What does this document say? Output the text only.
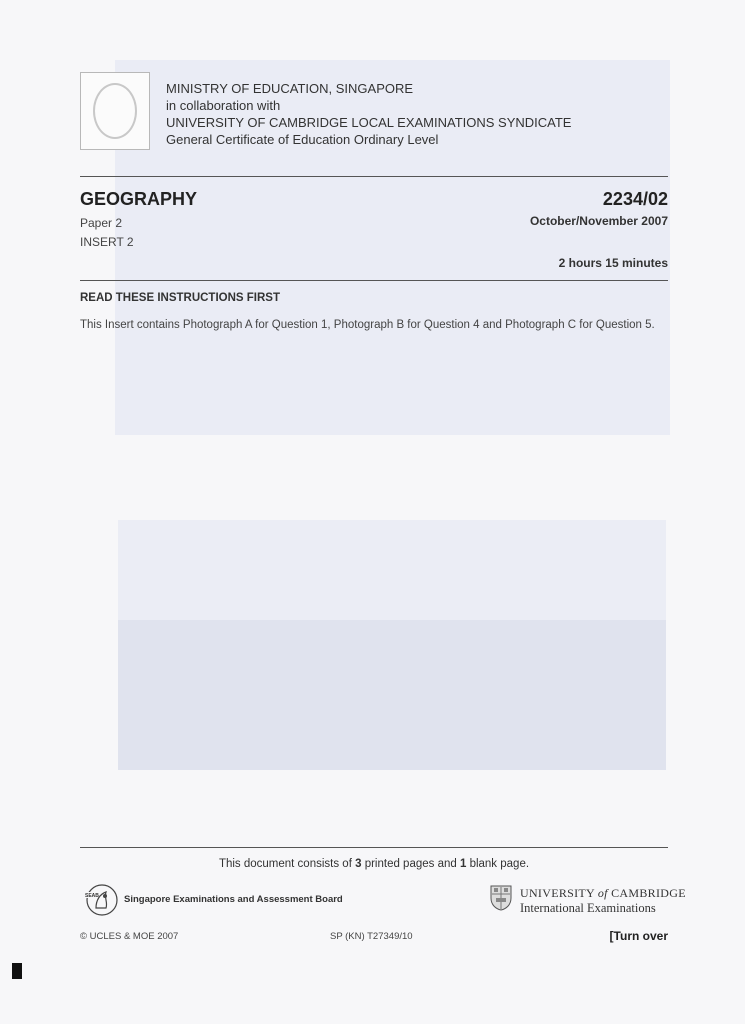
MINISTRY OF EDUCATION, SINGAPORE
in collaboration with
UNIVERSITY OF CAMBRIDGE LOCAL EXAMINATIONS SYNDICATE
General Certificate of Education Ordinary Level
GEOGRAPHY	2234/02
Paper 2
INSERT 2
October/November 2007
2 hours 15 minutes
READ THESE INSTRUCTIONS FIRST
This Insert contains Photograph A for Question 1, Photograph B for Question 4 and Photograph C for Question 5.
This document consists of 3 printed pages and 1 blank page.
SEAB	Singapore Examinations and Assessment Board	UNIVERSITY of CAMBRIDGE
International Examinations
© UCLES & MOE 2007	SP (KN) T27349/10	[Turn over
